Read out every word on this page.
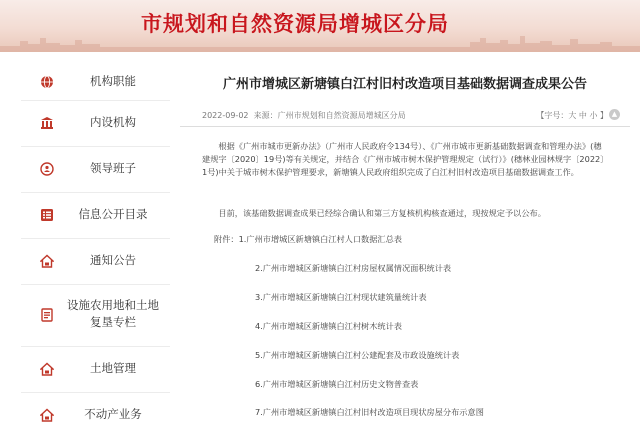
市规划和自然资源局增城区分局
机构职能
内设机构
领导班子
信息公开目录
通知公告
设施农用地和土地复垦专栏
土地管理
不动产业务
广州市增城区新塘镇白江村旧村改造项目基础数据调查成果公告
2022-09-02 来源：广州市规划和自然资源局增城区分局	【字号：大 中 小 】 ▲
根据《广州市城市更新办法》（广州市人民政府令134号）、《广州市城市更新基础数据调查和管理办法》(穗建规字〔2020〕19号)等有关规定，并结合《广州市城市树木保护管理规定（试行）》(穗林业园林规字〔2022〕1号)中关于城市树木保护管理要求，新塘镇人民政府组织完成了白江村旧村改造项目基础数据调查工作。
目前，该基础数据调查成果已经综合确认和第三方复核机构核查通过，现按规定予以公布。
附件：1.广州市增城区新塘镇白江村人口数据汇总表
2.广州市增城区新塘镇白江村房屋权属情况面积统计表
3.广州市增城区新塘镇白江村现状建筑量统计表
4.广州市增城区新塘镇白江村树木统计表
5.广州市增城区新塘镇白江村公建配套及市政设施统计表
6.广州市增城区新塘镇白江村历史文物普查表
7.广州市增城区新塘镇白江村旧村改造项目现状房屋分布示意图
